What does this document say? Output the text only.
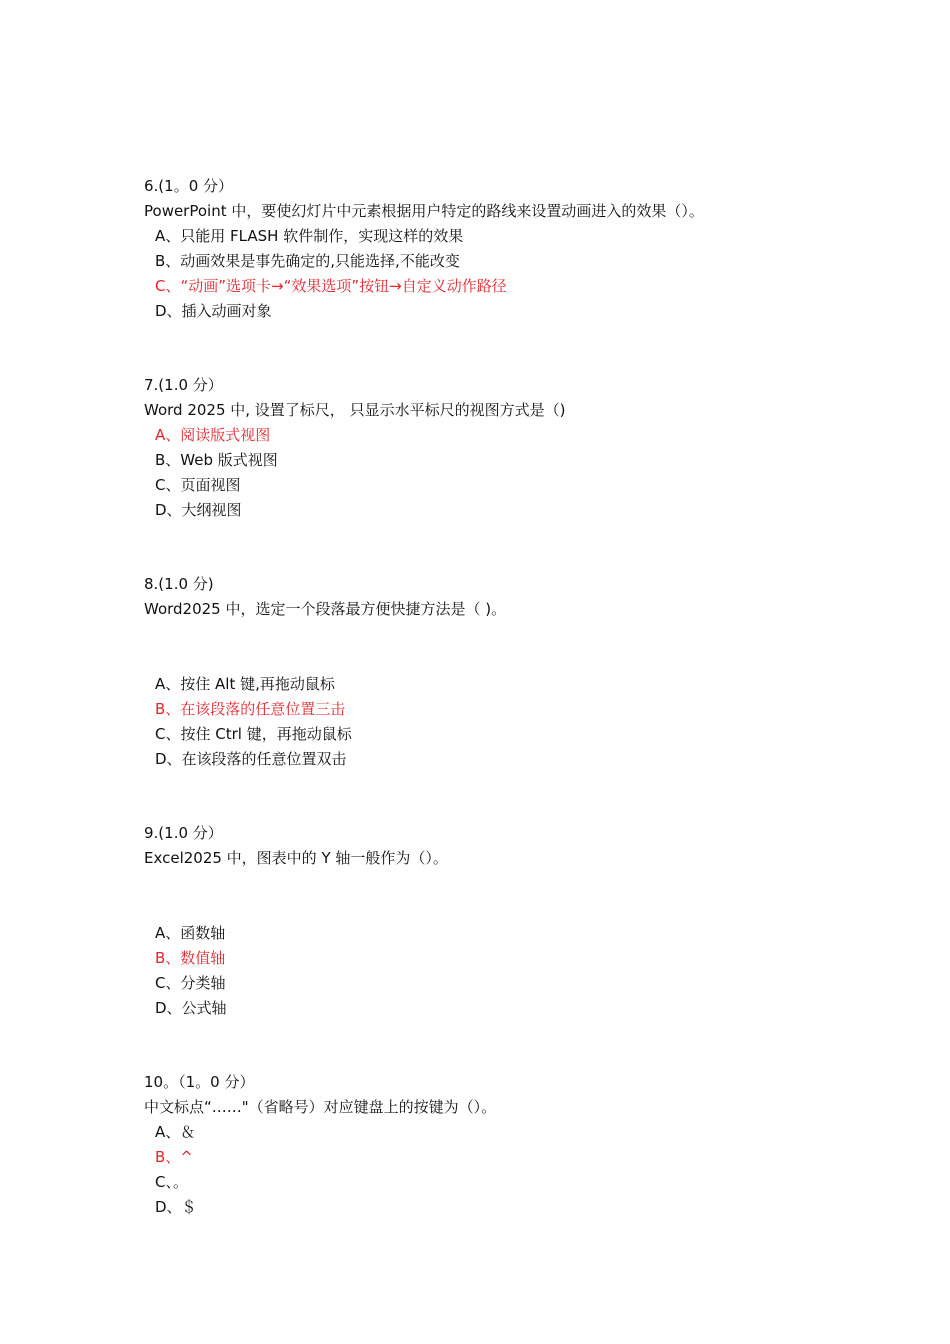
6.(1。0 分）
PowerPoint 中，要使幻灯片中元素根据用户特定的路线来设置动画进入的效果（）。
A、只能用 FLASH 软件制作，实现这样的效果
B、动画效果是事先确定的,只能选择,不能改变
C、“动画”选项卡→“效果选项”按钮→自定义动作路径
D、插入动画对象
7.(1.0 分）
Word 2025 中, 设置了标尺， 只显示水平标尺的视图方式是（)
A、阅读版式视图
B、Web 版式视图
C、页面视图
D、大纲视图
8.(1.0 分)
Word2025 中，选定一个段落最方便快捷方法是（ )。
A、按住 Alt 键,再拖动鼠标
B、在该段落的任意位置三击
C、按住 Ctrl 键，再拖动鼠标
D、在该段落的任意位置双击
9.(1.0 分）
Excel2025 中，图表中的 Y 轴一般作为（）。
A、函数轴
B、数值轴
C、分类轴
D、公式轴
10。（1。0 分）
中文标点“……"（省略号）对应键盘上的按键为（）。
A、＆
B、^
C、。
D、＄
